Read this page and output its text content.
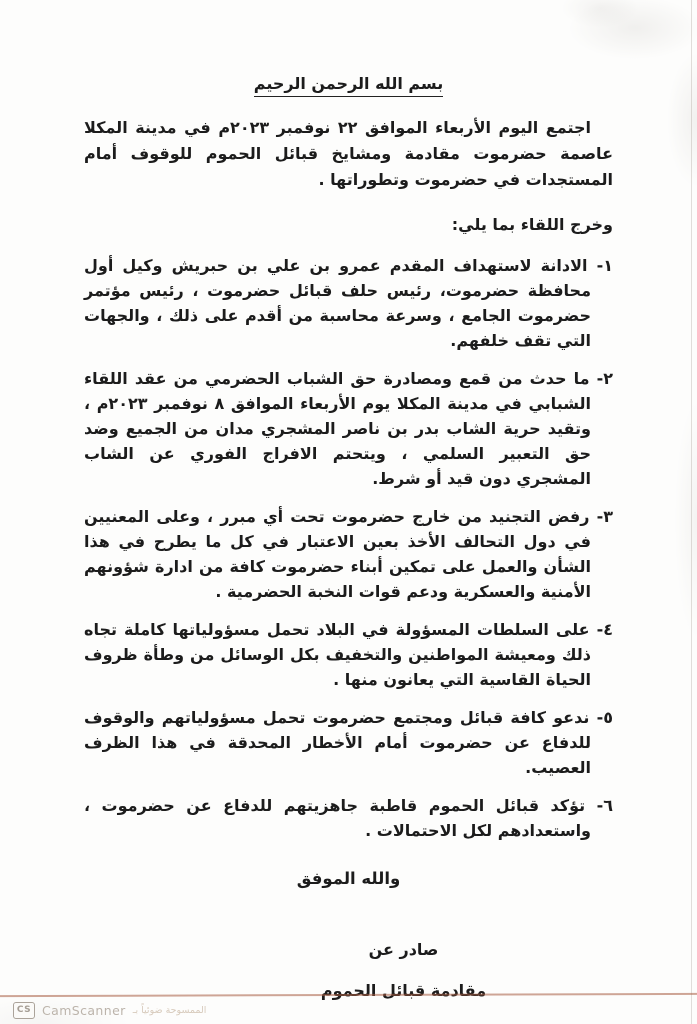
بسم الله الرحمن الرحيم

اجتمع اليوم الأربعاء الموافق ٢٢ نوفمبر ٢٠٢٣م في مدينة المكلا عاصمة حضرموت مقادمة ومشايخ قبائل الحموم للوقوف أمام المستجدات في حضرموت وتطوراتها .

وخرج اللقاء بما يلي:

١- الادانة لاستهداف المقدم عمرو بن علي بن حبريش وكيل أول محافظة حضرموت، رئيس حلف قبائل حضرموت ، رئيس مؤتمر حضرموت الجامع ، وسرعة محاسبة من أقدم على ذلك ، والجهات التي تقف خلفهم.
٢- ما حدث من قمع ومصادرة حق الشباب الحضرمي من عقد اللقاء الشبابي في مدينة المكلا يوم الأربعاء الموافق ٨ نوفمبر ٢٠٢٣م ، وتقيد حرية الشاب بدر بن ناصر المشجري مدان من الجميع وضد حق التعبير السلمي ، ويتحتم الافراج الفوري عن الشاب المشجري دون قيد أو شرط.
٣- رفض التجنيد من خارج حضرموت تحت أي مبرر ، وعلى المعنيين في دول التحالف الأخذ بعين الاعتبار في كل ما يطرح في هذا الشأن والعمل على تمكين أبناء حضرموت كافة من ادارة شؤونهم الأمنية والعسكرية ودعم قوات النخبة الحضرمية .
٤- على السلطات المسؤولة في البلاد تحمل مسؤولياتها كاملة تجاه ذلك ومعيشة المواطنين والتخفيف بكل الوسائل من وطأة ظروف الحياة القاسية التي يعانون منها .
٥- ندعو كافة قبائل ومجتمع حضرموت تحمل مسؤولياتهم والوقوف للدفاع عن حضرموت أمام الأخطار المحدقة في هذا الظرف العصيب.
٦- تؤكد قبائل الحموم قاطبة جاهزيتهم للدفاع عن حضرموت ، واستعدادهم لكل الاحتمالات .

والله الموفق

صادر عن
مقادمة قبائل الحموم
CS CamScanner الممسوحة ضوئياً بـ
